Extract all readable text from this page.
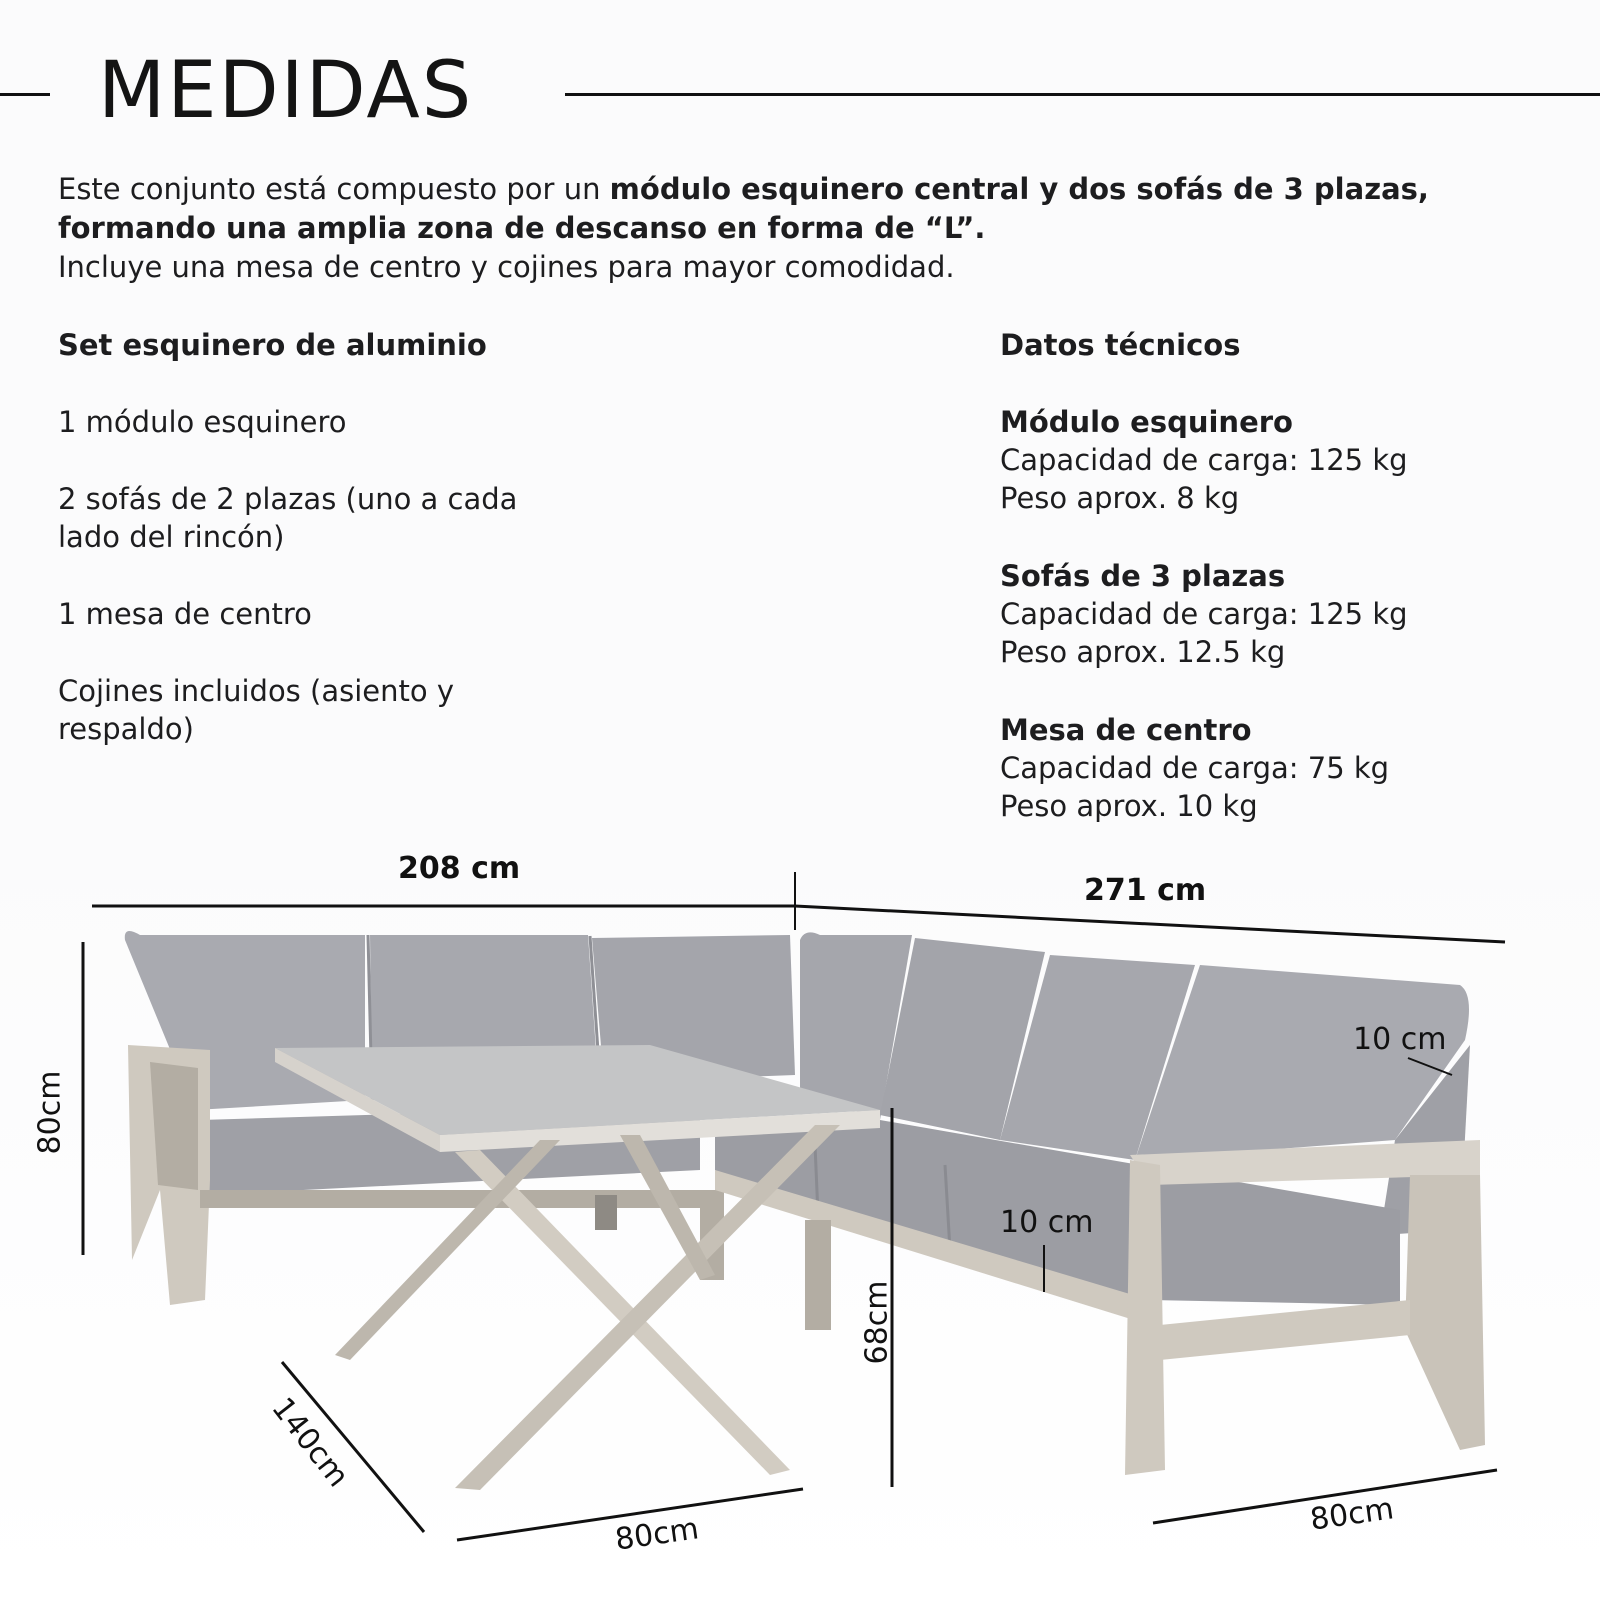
MEDIDAS
Este conjunto está compuesto por un módulo esquinero central y dos sofás de 3 plazas,
formando una amplia zona de descanso en forma de “L”.
Incluye una mesa de centro y cojines para mayor comodidad.
Set esquinero de aluminio
1 módulo esquinero
2 sofás de 2 plazas (uno a cada lado del rincón)
1 mesa de centro
Cojines incluidos (asiento y respaldo)
Datos técnicos
Módulo esquinero
Capacidad de carga: 125 kg
Peso aprox. 8 kg
Sofás de 3 plazas
Capacidad de carga: 125 kg
Peso aprox. 12.5 kg
Mesa de centro
Capacidad de carga: 75 kg
Peso aprox. 10 kg
208 cm
271 cm
80cm
140cm
80cm
68cm
80cm
10 cm
10 cm
